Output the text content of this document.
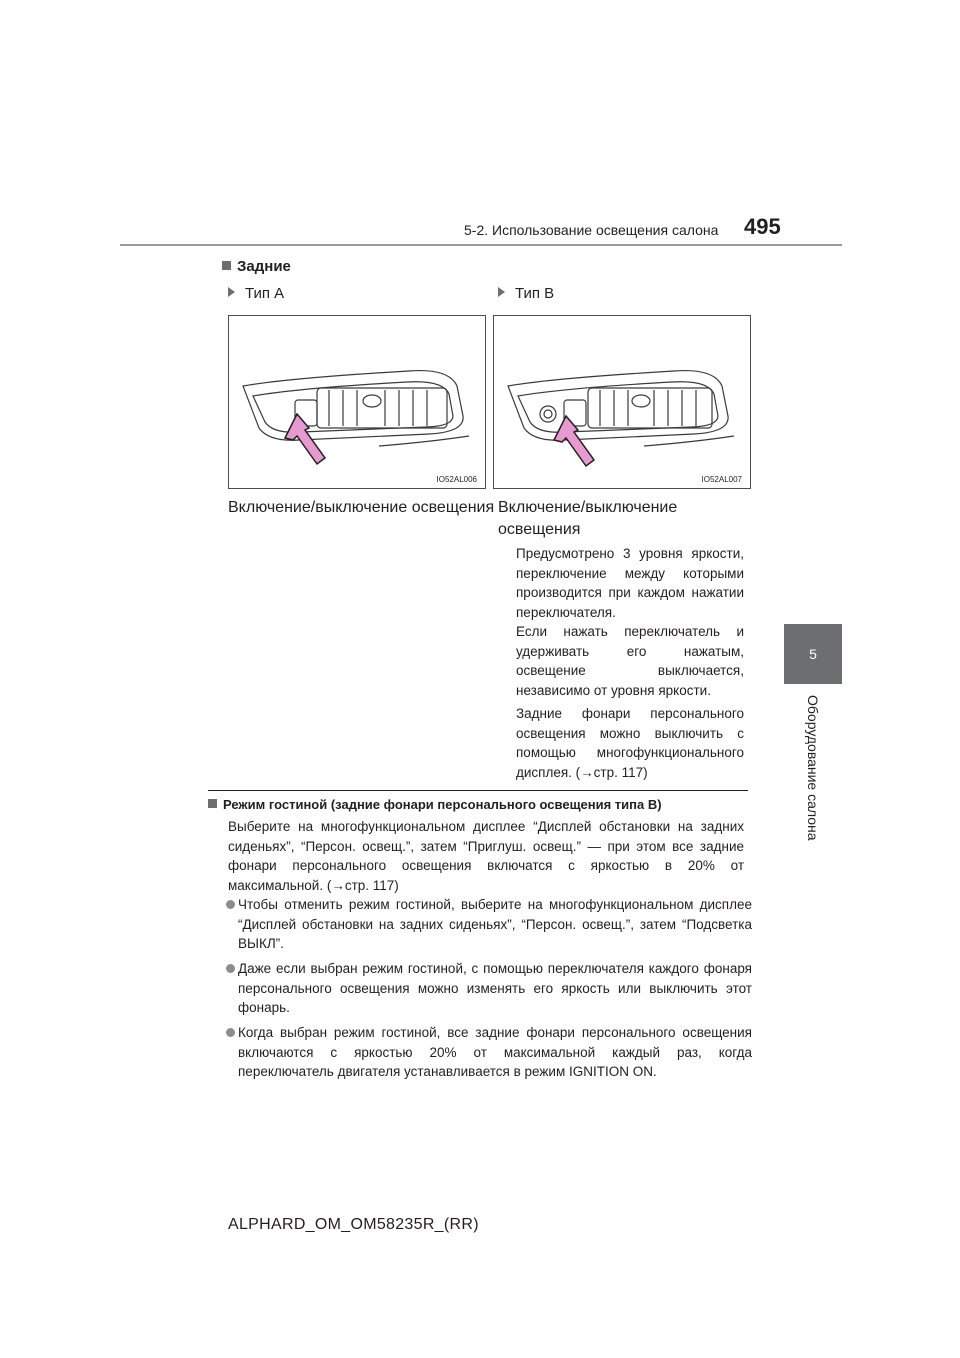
5-2. Использование освещения салона 495
5
Оборудование салона
Задние
Тип A	Тип B
IO52AL006	IO52AL007
Включение/выключение освещения Включение/выключение
освещения
Предусмотрено 3 уровня яркости,
переключение между которыми
производится при каждом нажатии
переключателя.
Если нажать переключатель и
удерживать его нажатым,
освещение выключается,
независимо от уровня яркости.
Задние фонари персонального
освещения можно выключить с
помощью многофункционального
дисплея. (→стр. 117)
Режим гостиной (задние фонари персонального освещения типа B)
Выберите на многофункциональном дисплее “Дисплей обстановки на задних
сиденьях”, “Персон. освещ.”, затем “Приглуш. освещ.” — при этом все задние
фонари персонального освещения включатся с яркостью в 20% от
максимальной. (→стр. 117)
Чтобы отменить режим гостиной, выберите на многофункциональном дисплее
“Дисплей обстановки на задних сиденьях”, “Персон. освещ.”, затем “Подсветка
ВЫКЛ”.
Даже если выбран режим гостиной, с помощью переключателя каждого фонаря
персонального освещения можно изменять его яркость или выключить этот
фонарь.
Когда выбран режим гостиной, все задние фонари персонального освещения
включаются с яркостью 20% от максимальной каждый раз, когда
переключатель двигателя устанавливается в режим IGNITION ON.
ALPHARD_OM_OM58235R_(RR)
